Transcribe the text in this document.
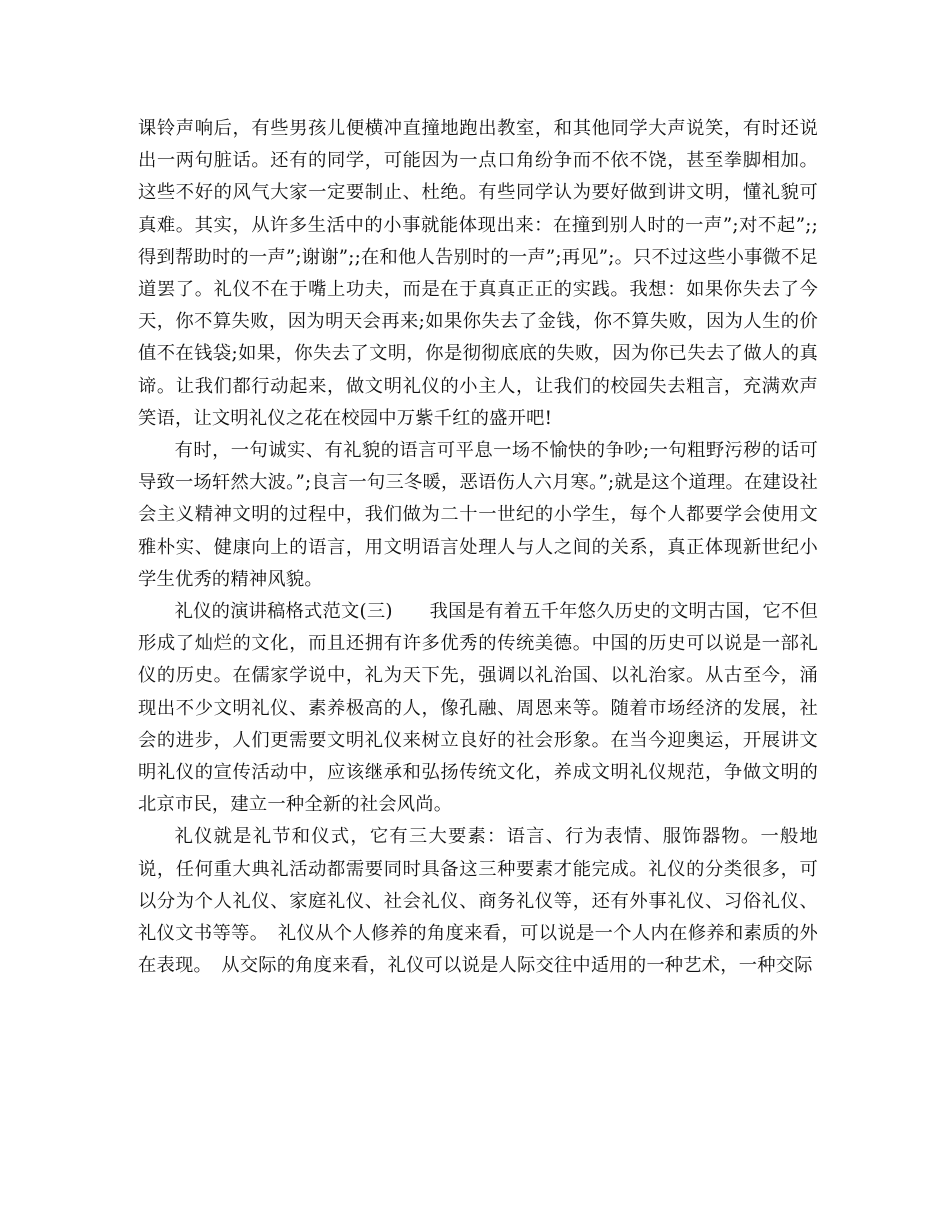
课铃声响后，有些男孩儿便横冲直撞地跑出教室，和其他同学大声说笑，有时还说出一两句脏话。还有的同学，可能因为一点口角纷争而不依不饶，甚至拳脚相加。这些不好的风气大家一定要制止、杜绝。有些同学认为要好做到讲文明，懂礼貌可真难。其实，从许多生活中的小事就能体现出来：在撞到别人时的一声”;对不起”;;得到帮助时的一声”;谢谢”;;在和他人告别时的一声”;再见”;。只不过这些小事微不足道罢了。礼仪不在于嘴上功夫，而是在于真真正正的实践。我想：如果你失去了今天，你不算失败，因为明天会再来;如果你失去了金钱，你不算失败，因为人生的价值不在钱袋;如果，你失去了文明，你是彻彻底底的失败，因为你已失去了做人的真谛。让我们都行动起来，做文明礼仪的小主人，让我们的校园失去粗言，充满欢声笑语，让文明礼仪之花在校园中万紫千红的盛开吧!

有时，一句诚实、有礼貌的语言可平息一场不愉快的争吵;一句粗野污秽的话可导致一场轩然大波。”;良言一句三冬暖，恶语伤人六月寒。”;就是这个道理。在建设社会主义精神文明的过程中，我们做为二十一世纪的小学生，每个人都要学会使用文雅朴实、健康向上的语言，用文明语言处理人与人之间的关系，真正体现新世纪小学生优秀的精神风貌。

礼仪的演讲稿格式范文(三)　　我国是有着五千年悠久历史的文明古国，它不但形成了灿烂的文化，而且还拥有许多优秀的传统美德。中国的历史可以说是一部礼仪的历史。在儒家学说中，礼为天下先，强调以礼治国、以礼治家。从古至今，涌现出不少文明礼仪、素养极高的人，像孔融、周恩来等。随着市场经济的发展，社会的进步，人们更需要文明礼仪来树立良好的社会形象。在当今迎奥运，开展讲文明礼仪的宣传活动中，应该继承和弘扬传统文化，养成文明礼仪规范，争做文明的北京市民，建立一种全新的社会风尚。

礼仪就是礼节和仪式，它有三大要素：语言、行为表情、服饰器物。一般地说，任何重大典礼活动都需要同时具备这三种要素才能完成。礼仪的分类很多，可以分为个人礼仪、家庭礼仪、社会礼仪、商务礼仪等，还有外事礼仪、习俗礼仪、礼仪文书等等。　礼仪从个人修养的角度来看，可以说是一个人内在修养和素质的外在表现。　从交际的角度来看，礼仪可以说是人际交往中适用的一种艺术，一种交际
